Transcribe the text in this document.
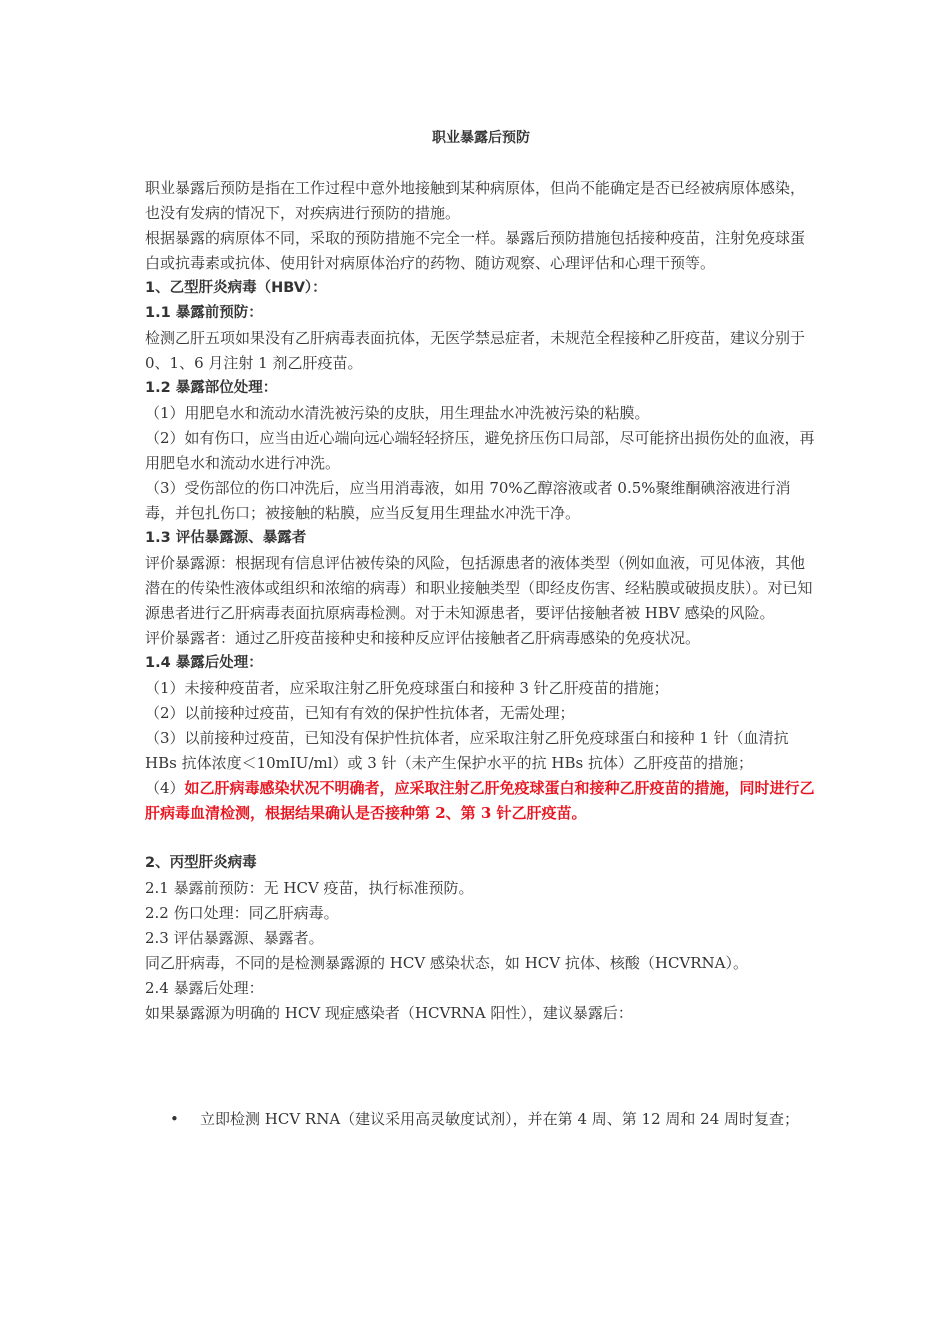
职业暴露后预防

职业暴露后预防是指在工作过程中意外地接触到某种病原体，但尚不能确定是否已经被病原体感染，也没有发病的情况下，对疾病进行预防的措施。

根据暴露的病原体不同，采取的预防措施不完全一样。暴露后预防措施包括接种疫苗，注射免疫球蛋白或抗毒素或抗体、使用针对病原体治疗的药物、随访观察、心理评估和心理干预等。

1、乙型肝炎病毒（HBV）：

1.1 暴露前预防：

检测乙肝五项如果没有乙肝病毒表面抗体，无医学禁忌症者，未规范全程接种乙肝疫苗，建议分别于 0、1、6 月注射 1 剂乙肝疫苗。

1.2 暴露部位处理：

（1）用肥皂水和流动水清洗被污染的皮肤，用生理盐水冲洗被污染的粘膜。

（2）如有伤口，应当由近心端向远心端轻轻挤压，避免挤压伤口局部，尽可能挤出损伤处的血液，再用肥皂水和流动水进行冲洗。

（3）受伤部位的伤口冲洗后，应当用消毒液，如用 70%乙醇溶液或者 0.5%聚维酮碘溶液进行消毒，并包扎伤口；被接触的粘膜，应当反复用生理盐水冲洗干净。

1.3 评估暴露源、暴露者

评价暴露源：根据现有信息评估被传染的风险，包括源患者的液体类型（例如血液，可见体液，其他潜在的传染性液体或组织和浓缩的病毒）和职业接触类型（即经皮伤害、经粘膜或破损皮肤）。对已知源患者进行乙肝病毒表面抗原病毒检测。对于未知源患者，要评估接触者被 HBV 感染的风险。

评价暴露者：通过乙肝疫苗接种史和接种反应评估接触者乙肝病毒感染的免疫状况。

1.4 暴露后处理：

（1）未接种疫苗者，应采取注射乙肝免疫球蛋白和接种 3 针乙肝疫苗的措施；

（2）以前接种过疫苗，已知有有效的保护性抗体者，无需处理；

（3）以前接种过疫苗，已知没有保护性抗体者，应采取注射乙肝免疫球蛋白和接种 1 针（血清抗 HBs 抗体浓度＜10mIU/ml）或 3 针（未产生保护水平的抗 HBs 抗体）乙肝疫苗的措施；

（4）如乙肝病毒感染状况不明确者，应采取注射乙肝免疫球蛋白和接种乙肝疫苗的措施，同时进行乙肝病毒血清检测，根据结果确认是否接种第 2、第 3 针乙肝疫苗。

2、丙型肝炎病毒

2.1 暴露前预防：无 HCV 疫苗，执行标准预防。

2.2 伤口处理：同乙肝病毒。

2.3 评估暴露源、暴露者。

同乙肝病毒，不同的是检测暴露源的 HCV 感染状态，如 HCV 抗体、核酸（HCVRNA）。

2.4 暴露后处理：

如果暴露源为明确的 HCV 现症感染者（HCVRNA 阳性），建议暴露后：

• 立即检测 HCV RNA（建议采用高灵敏度试剂），并在第 4 周、第 12 周和 24 周时复查；
